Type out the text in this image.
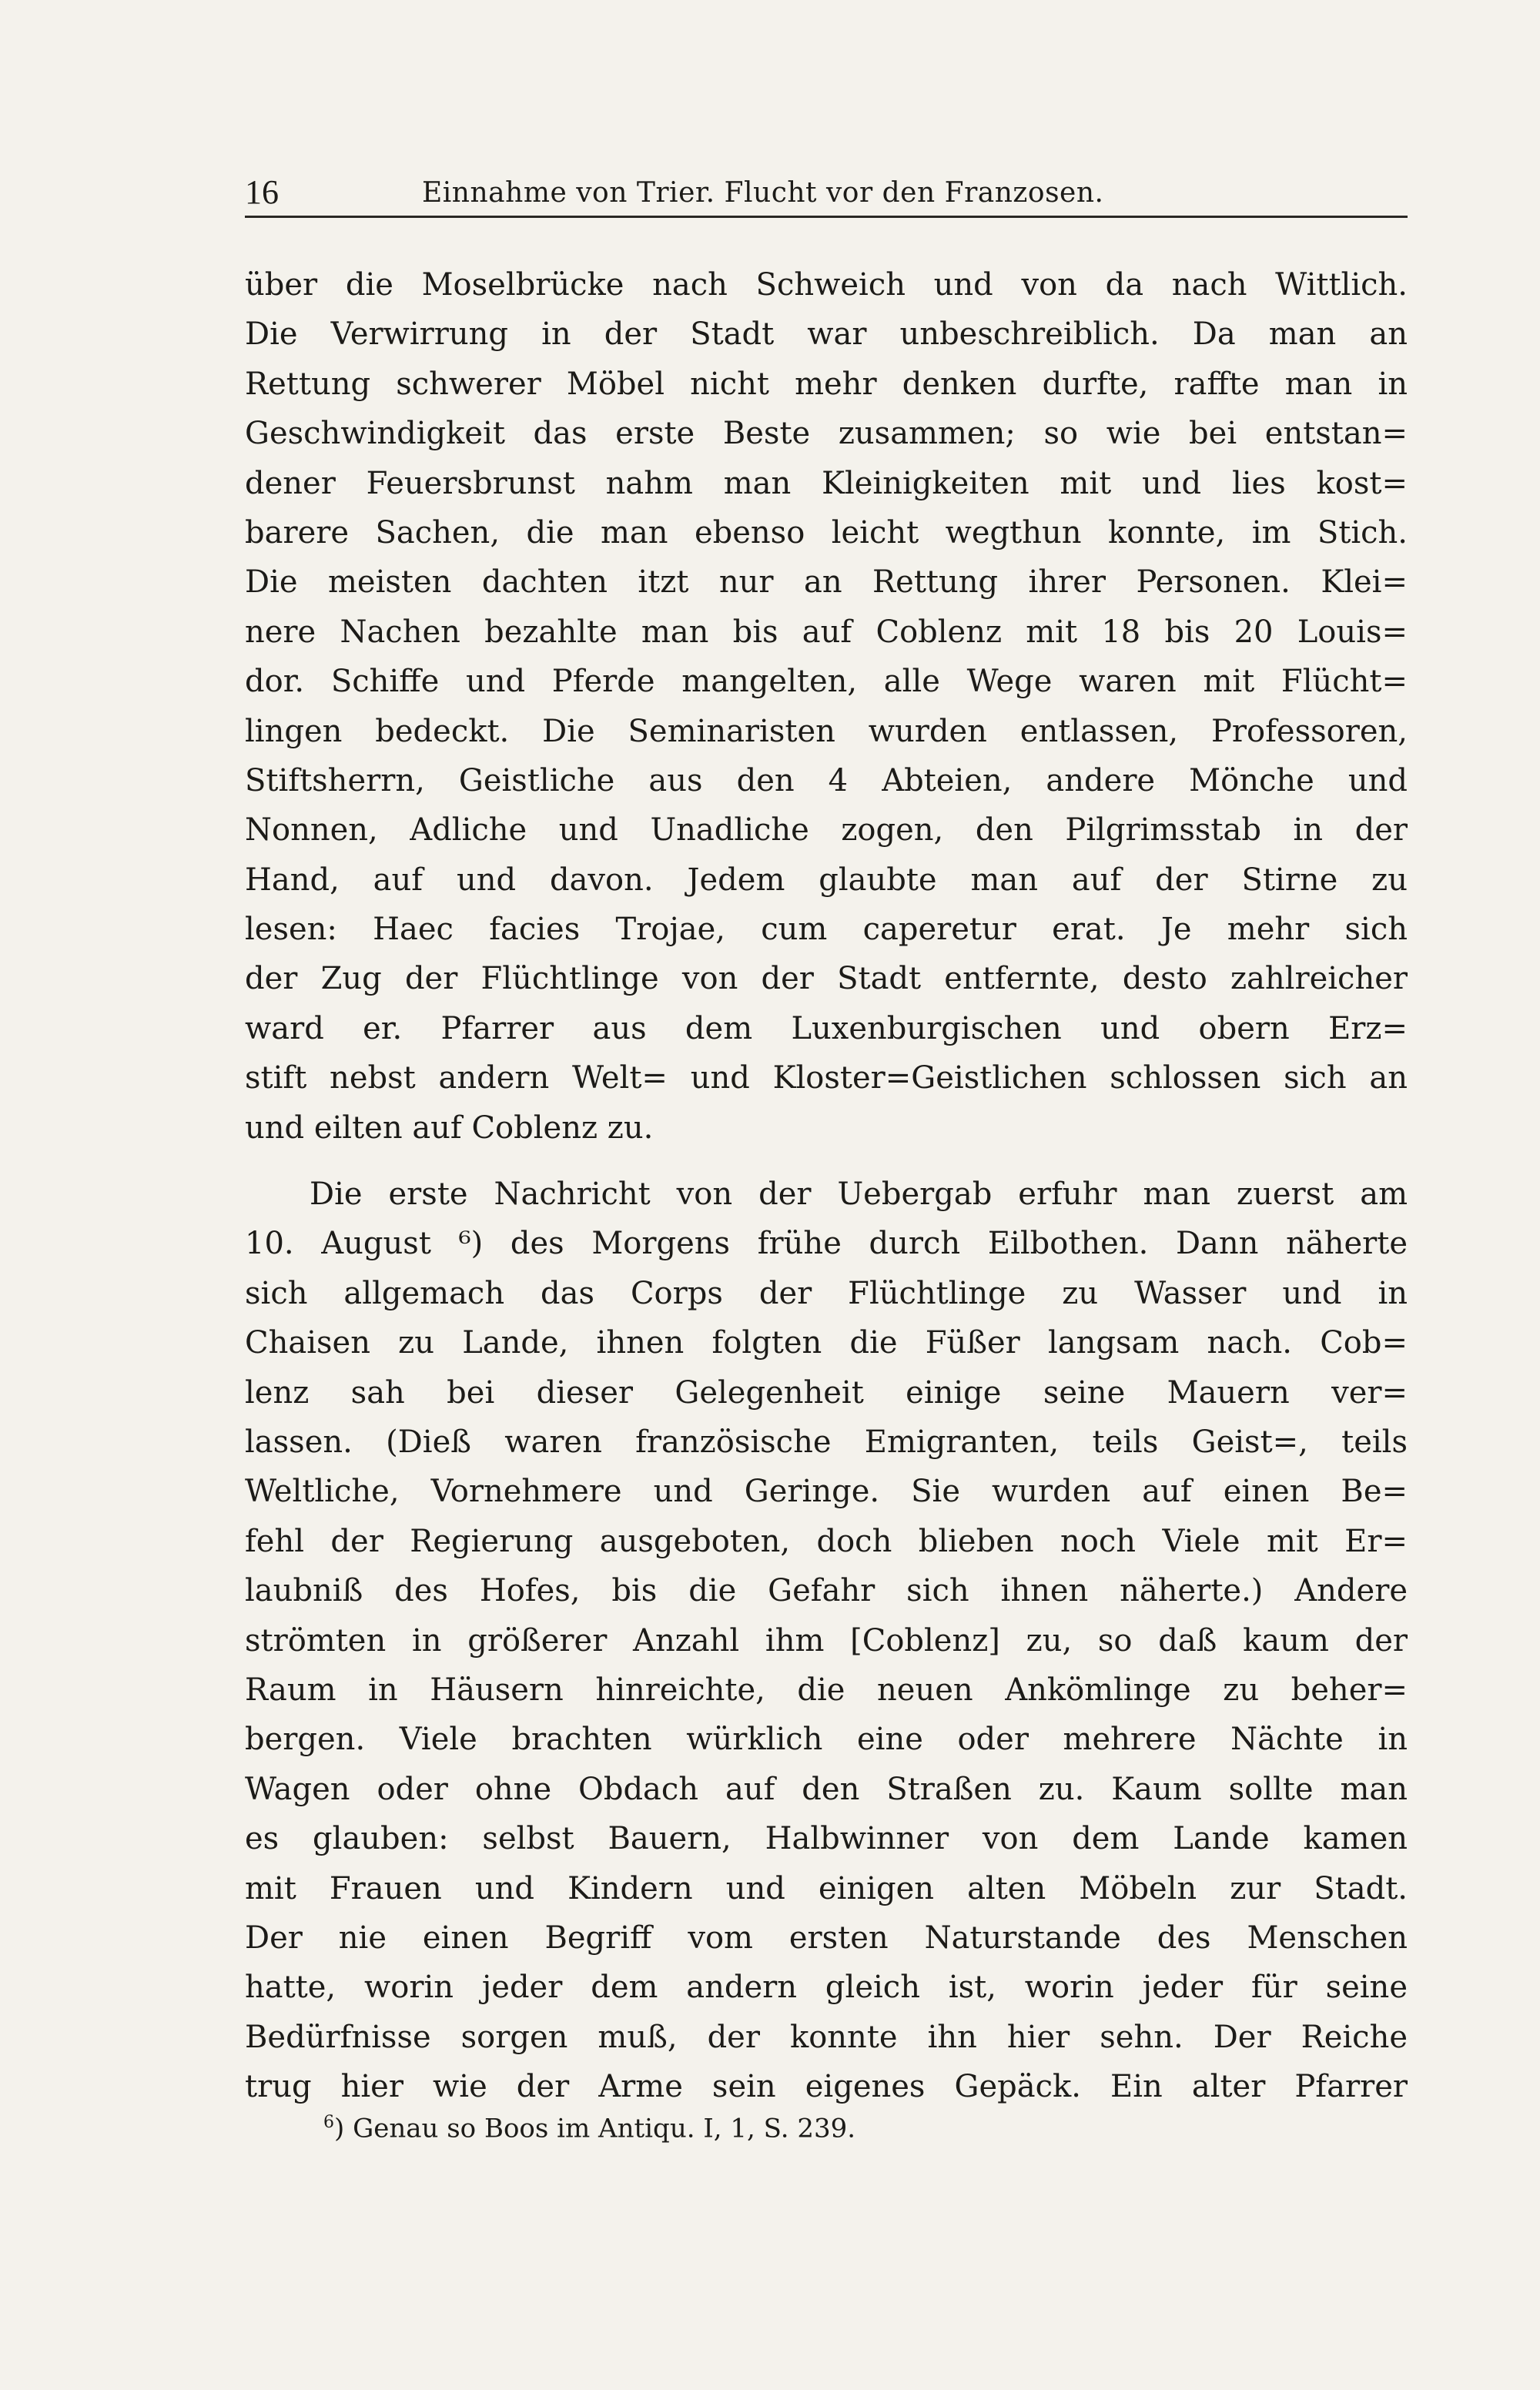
16	Einnahme von Trier. Flucht vor den Franzosen.
über die Moselbrücke nach Schweich und von da nach Wittlich.
Die Verwirrung in der Stadt war unbeschreiblich. Da man an
Rettung schwerer Möbel nicht mehr denken durfte, raffte man in
Geschwindigkeit das erste Beste zusammen; so wie bei entstan=
dener Feuersbrunst nahm man Kleinigkeiten mit und lies kost=
barere Sachen, die man ebenso leicht wegthun konnte, im Stich.
Die meisten dachten itzt nur an Rettung ihrer Personen. Klei=
nere Nachen bezahlte man bis auf Coblenz mit 18 bis 20 Louis=
dor. Schiffe und Pferde mangelten, alle Wege waren mit Flücht=
lingen bedeckt. Die Seminaristen wurden entlassen, Professoren,
Stiftsherrn, Geistliche aus den 4 Abteien, andere Mönche und
Nonnen, Adliche und Unadliche zogen, den Pilgrimsstab in der
Hand, auf und davon. Jedem glaubte man auf der Stirne zu
lesen: Haec facies Trojae, cum caperetur erat. Je mehr sich
der Zug der Flüchtlinge von der Stadt entfernte, desto zahlreicher
ward er. Pfarrer aus dem Luxenburgischen und obern Erz=
stift nebst andern Welt= und Kloster=Geistlichen schlossen sich an
und eilten auf Coblenz zu.
Die erste Nachricht von der Uebergab erfuhr man zuerst am
10. August ⁶) des Morgens frühe durch Eilbothen. Dann näherte
sich allgemach das Corps der Flüchtlinge zu Wasser und in
Chaisen zu Lande, ihnen folgten die Füßer langsam nach. Cob=
lenz sah bei dieser Gelegenheit einige seine Mauern ver=
lassen. (Dieß waren französische Emigranten, teils Geist=, teils
Weltliche, Vornehmere und Geringe. Sie wurden auf einen Be=
fehl der Regierung ausgeboten, doch blieben noch Viele mit Er=
laubniß des Hofes, bis die Gefahr sich ihnen näherte.) Andere
strömten in größerer Anzahl ihm [Coblenz] zu, so daß kaum der
Raum in Häusern hinreichte, die neuen Ankömlinge zu beher=
bergen. Viele brachten würklich eine oder mehrere Nächte in
Wagen oder ohne Obdach auf den Straßen zu. Kaum sollte man
es glauben: selbst Bauern, Halbwinner von dem Lande kamen
mit Frauen und Kindern und einigen alten Möbeln zur Stadt.
Der nie einen Begriff vom ersten Naturstande des Menschen
hatte, worin jeder dem andern gleich ist, worin jeder für seine
Bedürfnisse sorgen muß, der konnte ihn hier sehn. Der Reiche
trug hier wie der Arme sein eigenes Gepäck. Ein alter Pfarrer
$^6$) Genau so Boos im Antiqu. I, 1, S. 239.
